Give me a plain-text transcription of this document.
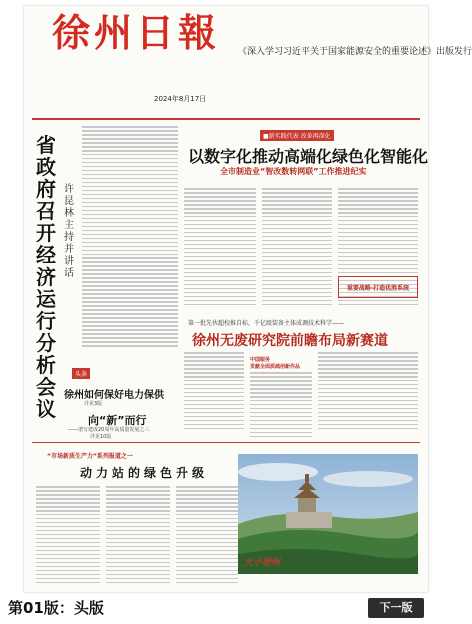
徐州日報 《深入学习习近平关于国家能源安全的重要论述》出版发行
2024年8月17日
省政府召开经济运行分析会议
许昆林主持并讲话
头条
徐州如何保好电力保供
详见3版
向“新”而行
——谱写建成20周年高质量发展之三
详见10版
■新实践代表 改革再深化
以数字化推动高端化绿色化智能化
全市制造业“智改数转网联”工作推进纪实
重要战略·打造优胜系统
第一批先伙超校推自标，千亿级装备主体成调技术科学——
徐州无废研究院前瞻布局新赛道
中国服务
贡献全面质疏创新作品
“市场新质生产力”系列报道之一
动力站的绿色升级
大小徐州
第01版：头版	下一版
